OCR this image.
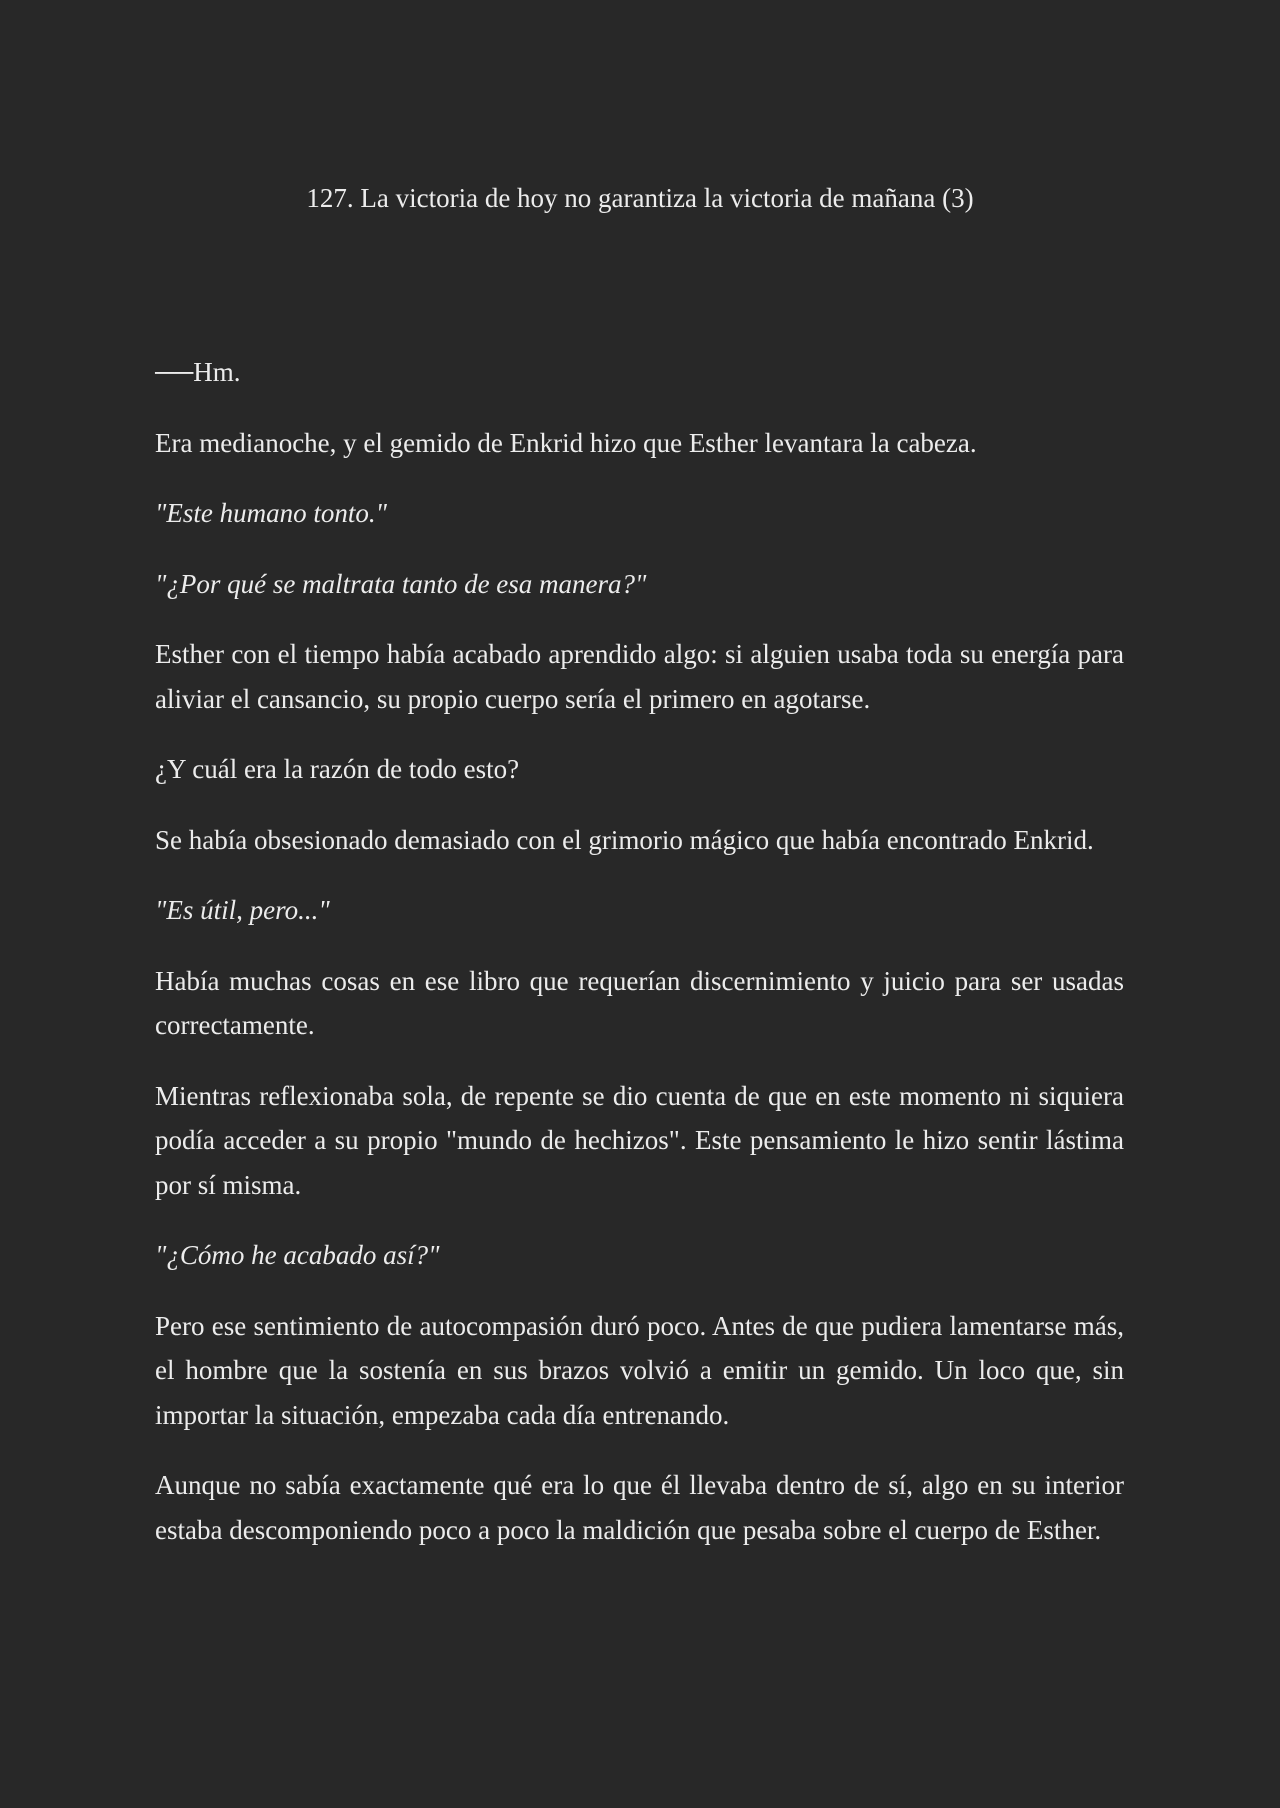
127. La victoria de hoy no garantiza la victoria de mañana (3)

──Hm.

Era medianoche, y el gemido de Enkrid hizo que Esther levantara la cabeza.

"Este humano tonto."

"¿Por qué se maltrata tanto de esa manera?"

Esther con el tiempo había acabado aprendido algo: si alguien usaba toda su energía para aliviar el cansancio, su propio cuerpo sería el primero en agotarse.

¿Y cuál era la razón de todo esto?

Se había obsesionado demasiado con el grimorio mágico que había encontrado Enkrid.

"Es útil, pero..."

Había muchas cosas en ese libro que requerían discernimiento y juicio para ser usadas correctamente.

Mientras reflexionaba sola, de repente se dio cuenta de que en este momento ni siquiera podía acceder a su propio "mundo de hechizos". Este pensamiento le hizo sentir lástima por sí misma.

"¿Cómo he acabado así?"

Pero ese sentimiento de autocompasión duró poco. Antes de que pudiera lamentarse más, el hombre que la sostenía en sus brazos volvió a emitir un gemido. Un loco que, sin importar la situación, empezaba cada día entrenando.

Aunque no sabía exactamente qué era lo que él llevaba dentro de sí, algo en su interior estaba descomponiendo poco a poco la maldición que pesaba sobre el cuerpo de Esther.
